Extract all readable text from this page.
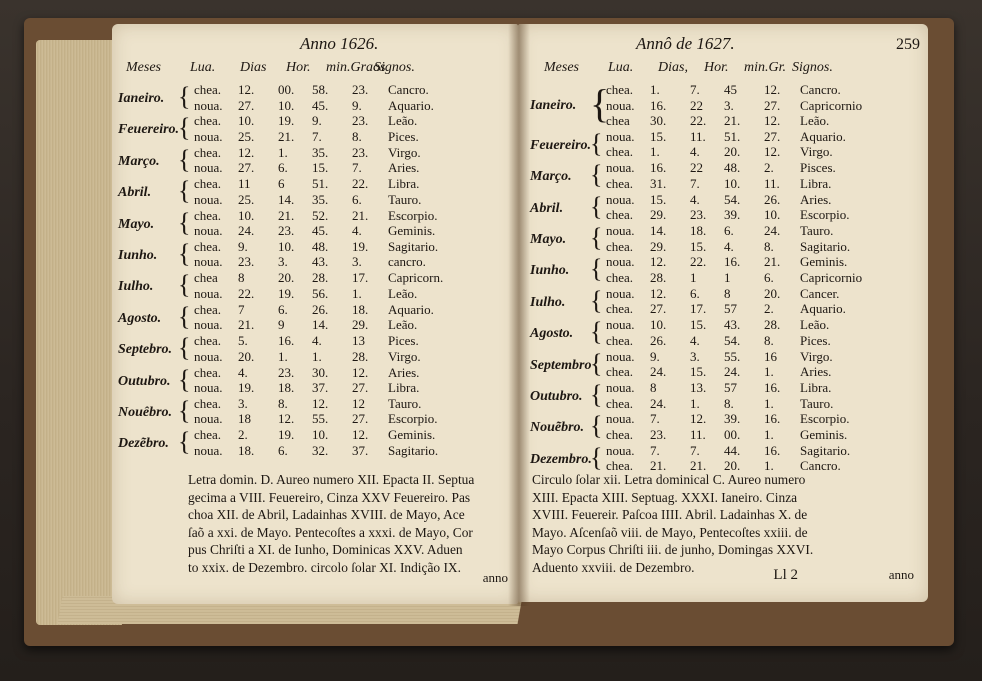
Anno 1626.
Meses Lua. Dias Hor. min.GraosSignos.
Ianeiro. { chea. 12. 00. 58. 23. Cancro.
noua. 27. 10. 45. 9. Aquario.
Feuereiro.
{ chea. 10. 19. 9. 23. Leão.
noua. 25. 21. 7. 8. Pices.
Março. { chea. 12. 1. 35. 23. Virgo.
noua. 27. 6. 15. 7. Aries.
Abril. { chea. 11 6 51. 22. Libra.
noua. 25. 14. 35. 6. Tauro.
Mayo. { chea. 10. 21. 52. 21. Escorpio.
noua. 24. 23. 45. 4. Geminis.
Iunho. { chea. 9. 10. 48. 19. Sagitario.
noua. 23. 3. 43. 3. cancro.
Iulho. { chea 8	20. 28. 17. Capricorn.
noua. 22. 19. 56. 1. Leão.
Agosto. { chea. 7	6. 26. 18. Aquario.
noua. 21. 9 14. 29. Leão.
Septebro. { chea. 5. 16. 4. 13 Pices.
noua. 20. 1. 1. 28. Virgo.
Outubro. { chea. 4. 23. 30. 12. Aries.
noua. 19. 18. 37. 27. Libra.
Nouêbro. { chea. 3. 8. 12. 12 Tauro.
noua. 18 12. 55. 27. Escorpio.
Dezẽbro. { chea. 2. 19. 10. 12. Geminis.
noua. 18. 6. 32. 37. Sagitario.
Letra domin. D. Aureo numero XII. Epacta II. Septua
gecima a VIII. Feuereiro, Cinza XXV Feuereiro. Pas
choa XII. de Abril, Ladainhas XVIII. de Mayo, Ace
ſaõ a xxi. de Mayo. Pentecoſtes a xxxi. de Mayo, Cor
pus Chriſti a XI. de Iunho, Dominicas XXV. Aduen
to xxix. de Dezembro. circolo ſolar XI. Indição IX.
anno
Annô de 1627.	259
Meses Lua. Dias, Hor. min.Gr. Signos.
Ianeiro. {
chea. 1. 7. 45 12. Cancro.
noua. 16. 22 3. 27. Capricornio
chea 30. 22. 21. 12. Leão.
Feuereiro.
{ noua. 15. 11. 51. 27. Aquario.
chea. 1. 4. 20. 12. Virgo.
Março. { noua. 16. 22 48. 2. Pisces.
chea. 31. 7. 10. 11. Libra.
Abril. { noua. 15. 4. 54. 26. Aries.
chea. 29. 23. 39. 10. Escorpio.
Mayo. { noua. 14. 18. 6. 24. Tauro.
chea. 29. 15. 4. 8. Sagitario.
Iunho. { noua. 12. 22. 16. 21. Geminis.
chea. 28. 1 1	6. Capricornio
Iulho. { noua. 12. 6. 8	20. Cancer.
chea. 27. 17. 57 2. Aquario.
Agosto. { noua. 10. 15. 43. 28. Leão.
chea. 26. 4. 54. 8. Pices.
Septembro
{ noua. 9. 3. 55. 16 Virgo.
chea. 24. 15. 24. 1. Aries.
Outubro. { noua. 8	13. 57 16. Libra.
chea. 24. 1. 8. 1. Tauro.
Nouẽbro. { noua. 7. 12. 39. 16. Escorpio.
chea. 23. 11. 00. 1. Geminis.
Dezembro.
{ noua. 7. 7. 44. 16. Sagitario.
chea. 21. 21. 20. 1. Cancro.
Circulo ſolar xii. Letra dominical C. Aureo numero
XIII. Epacta XIII. Septuag. XXXI. Ianeiro. Cinza
XVIII. Feuereir. Paſcoa IIII. Abril. Ladainhas X. de
Mayo. Aſcenſaõ viii. de Mayo, Pentecoſtes xxiii. de
Mayo Corpus Chriſti iii. de junho, Domingas XXVI.
Aduento xxviii. de Dezembro.	Ll 2	anno
